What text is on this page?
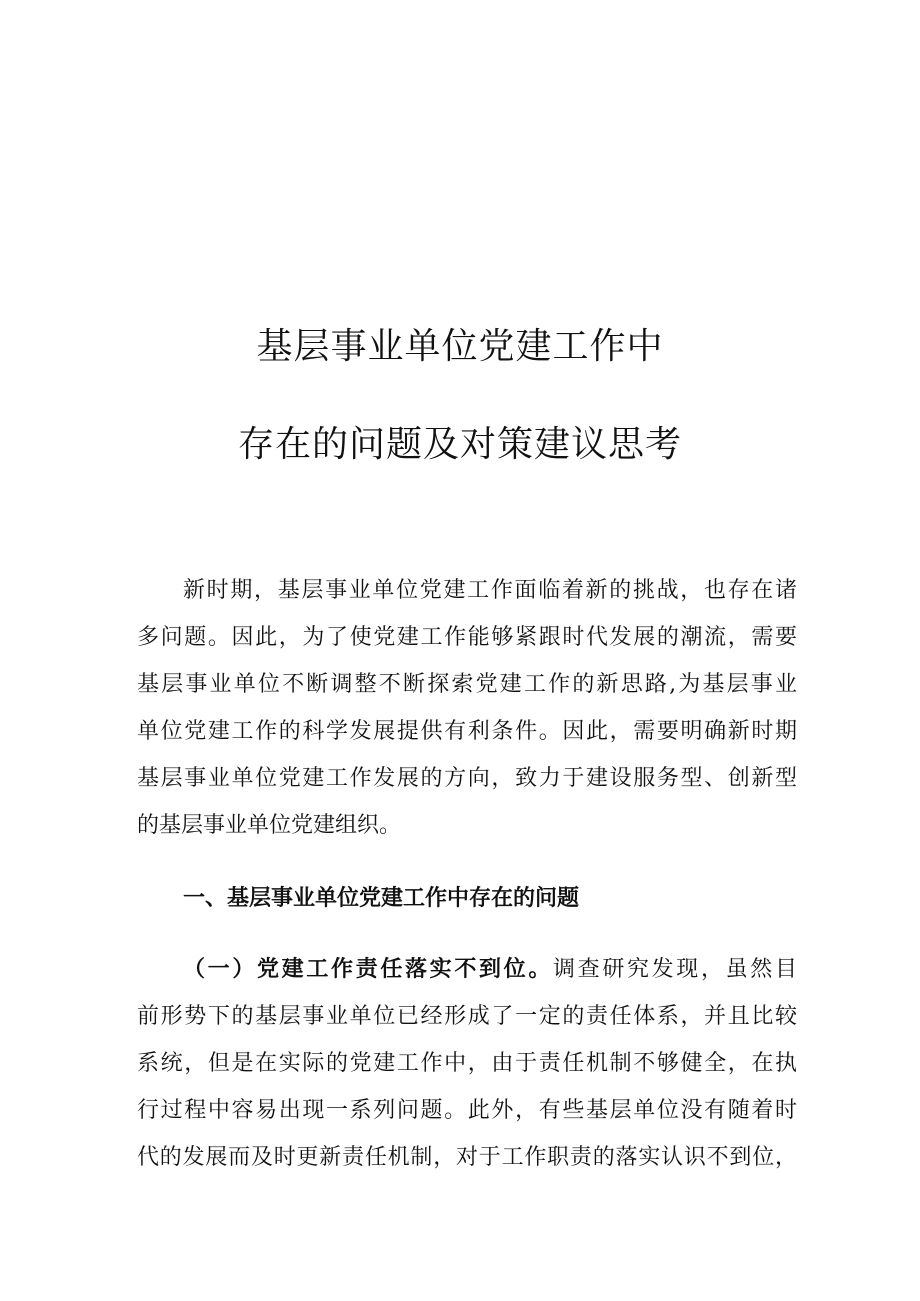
基层事业单位党建工作中
存在的问题及对策建议思考

新时期，基层事业单位党建工作面临着新的挑战，也存在诸

多问题。因此，为了使党建工作能够紧跟时代发展的潮流，需要

基层事业单位不断调整不断探索党建工作的新思路,为基层事业

单位党建工作的科学发展提供有利条件。因此，需要明确新时期

基层事业单位党建工作发展的方向，致力于建设服务型、创新型

的基层事业单位党建组织。

一、基层事业单位党建工作中存在的问题

（一）党建工作责任落实不到位。调查研究发现，虽然目

前形势下的基层事业单位已经形成了一定的责任体系，并且比较

系统，但是在实际的党建工作中，由于责任机制不够健全，在执

行过程中容易出现一系列问题。此外，有些基层单位没有随着时

代的发展而及时更新责任机制，对于工作职责的落实认识不到位，
